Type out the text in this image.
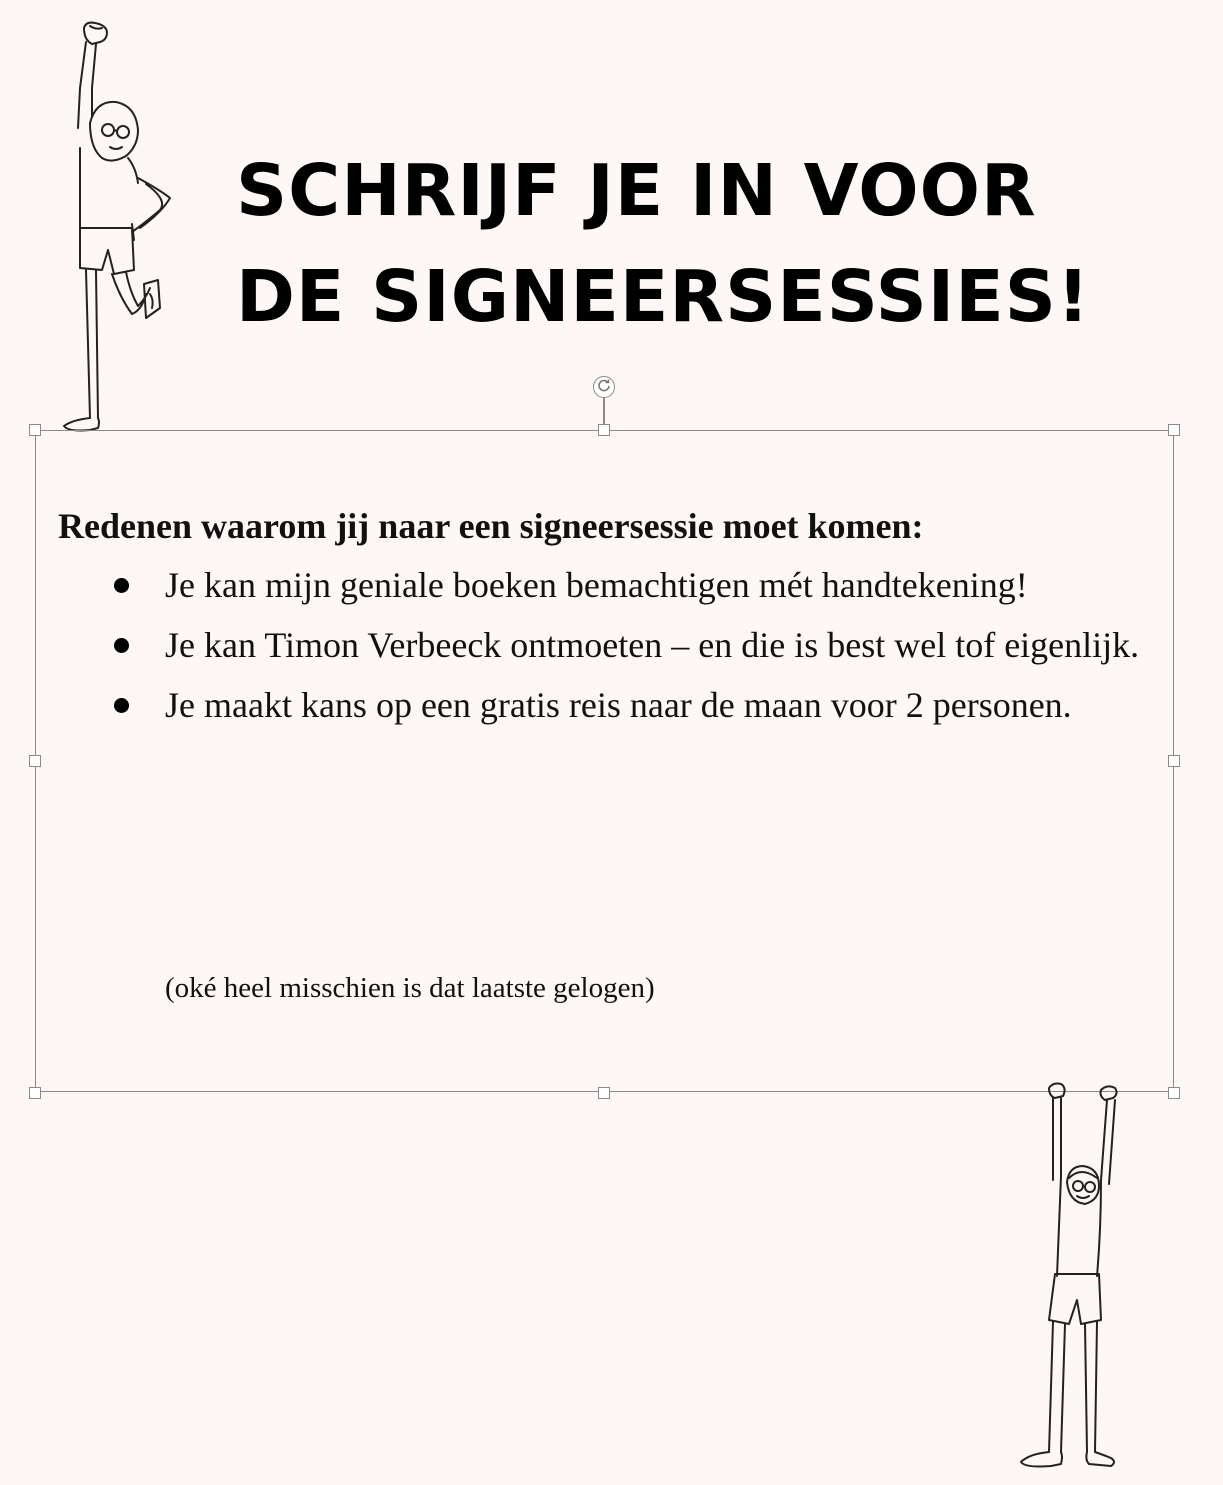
SCHRIJF JE IN VOOR
DE SIGNEERSESSIES!

Redenen waarom jij naar een signeersessie moet komen:

Je kan mijn geniale boeken bemachtigen mét handtekening!
Je kan Timon Verbeeck ontmoeten – en die is best wel tof eigenlijk.
Je maakt kans op een gratis reis naar de maan voor 2 personen.
(oké heel misschien is dat laatste gelogen)
